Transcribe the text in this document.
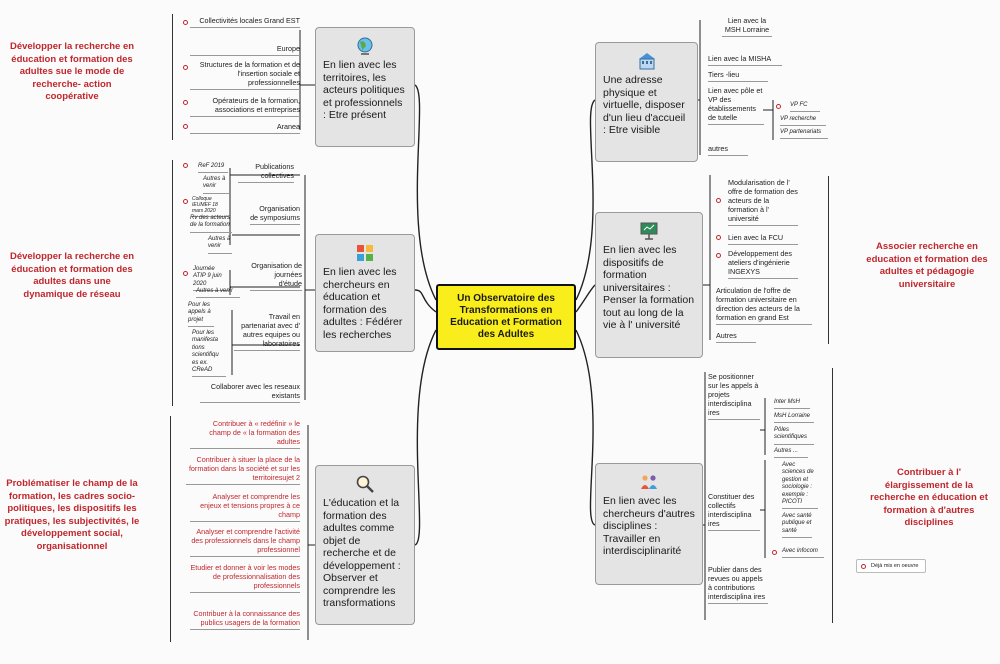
Développer la recherche en éducation et formation des adultes sue le mode de recherche- action coopérative
Développer la recherche en éducation et formation des adultes dans une dynamique de réseau
Problématiser le champ de la formation, les cadres socio-politiques, les dispositifs les pratiques, les subjectivités, le développement social, organisationnel
Associer recherche en education et formation des adultes et pédagogie universitaire
Contribuer à l' élargissement de la recherche en éducation et formation à d'autres disciplines
Un Observatoire des Transformations en Education et Formation des Adultes
En lien avec les territoires, les acteurs politiques et professionnels : Etre présent
En lien avec les chercheurs en éducation et formation des adultes : Fédérer les recherches
L'éducation et la formation des adultes comme objet de recherche et de développement : Observer et comprendre les transformations
Une adresse physique et virtuelle, disposer d'un lieu d'accueil : Etre visible
En lien avec les dispositifs de formation universitaires : Penser la formation tout au long de la vie à l' université
En lien avec les chercheurs d'autres disciplines : Travailler en interdisciplinarité
Collectivités locales Grand EST
Europe
Structures de la formation et de l'insertion sociale et professionnelles
Opérateurs de la formation, associations et entreprises
Aranea
Publications collectives
ReF 2019
Autres à venir
Organisation de symposiums
Colloque IEUMEF 18 mars 2020
Rv des acteurs de la formation
Autres à venir
Organisation de journées d'étude
Journée ATIP 9 juin 2020
Autres à venir
Travail en partenariat avec d' autres equipes ou laboratoires
Pour les appels à projet
Pour les manifesta tions scientifiqu es ex. CReAD
Collaborer avec les reseaux existants
Contribuer à « redéfinir » le champ de « la formation des adultes
Contribuer à situer la place de la formation dans la société et sur les territoiresujet 2
Analyser et comprendre les enjeux et tensions propres à ce champ
Analyser et comprendre l'activité des professionnels dans le champ professionnel
Etudier et donner à voir les modes de professionnalisation des professionnels
Contribuer à la connaissance des publics usagers de la formation
Lien avec la MSH Lorraine
Lien avec la MISHA
Tiers -lieu
Lien avec pôle et VP des établissements de tutelle
VP FC
VP recherche
VP partenariats
autres
Modularisation de l' offre de formation des acteurs de la formation à l' université
Lien avec la FCU
Développement des ateliers d'ingénierie INGEXYS
Articulation de l'offre de formation universitaire en direction des acteurs de la formation en grand Est
Autres
Se positionner sur les appels à projets interdisciplina ires
Inter MsH
MsH Lorraine
Pôles scientifiques
Autres ...
Constituer des collectifs interdisciplina ires
Avec sciences de gestion et sociologie : exemple : PICOTI
Avec santé publique et santé
Avec infocom
Publier dans des revues ou appels à contributions interdisciplina ires
Déjà mis en oeuvre
